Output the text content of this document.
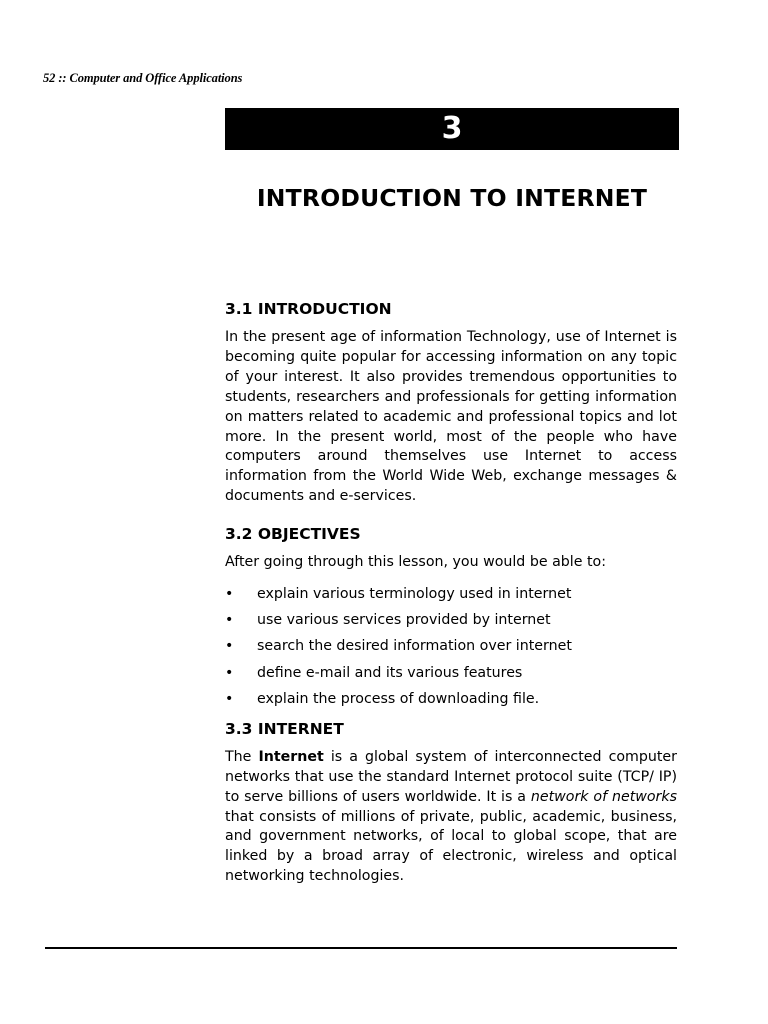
52 :: Computer and Office Applications
3
INTRODUCTION TO INTERNET
3.1 INTRODUCTION

In the present age of information Technology, use of Internet is becoming quite popular for accessing information on any topic of your interest. It also provides tremendous opportunities to students, researchers and professionals for getting information on matters related to academic and professional topics and lot more. In the present world, most of the people who have computers around themselves use Internet to access information from the World Wide Web, exchange messages & documents and e-services.

3.2 OBJECTIVES

After going through this lesson, you would be able to:

• explain various terminology used in internet
• use various services provided by internet
• search the desired information over internet
• define e-mail and its various features
• explain the process of downloading file.
3.3 INTERNET

The Internet is a global system of interconnected computer networks that use the standard Internet protocol suite (TCP/ IP) to serve billions of users worldwide. It is a network of networks that consists of millions of private, public, academic, business, and government networks, of local to global scope, that are linked by a broad array of electronic, wireless and optical networking technologies.
